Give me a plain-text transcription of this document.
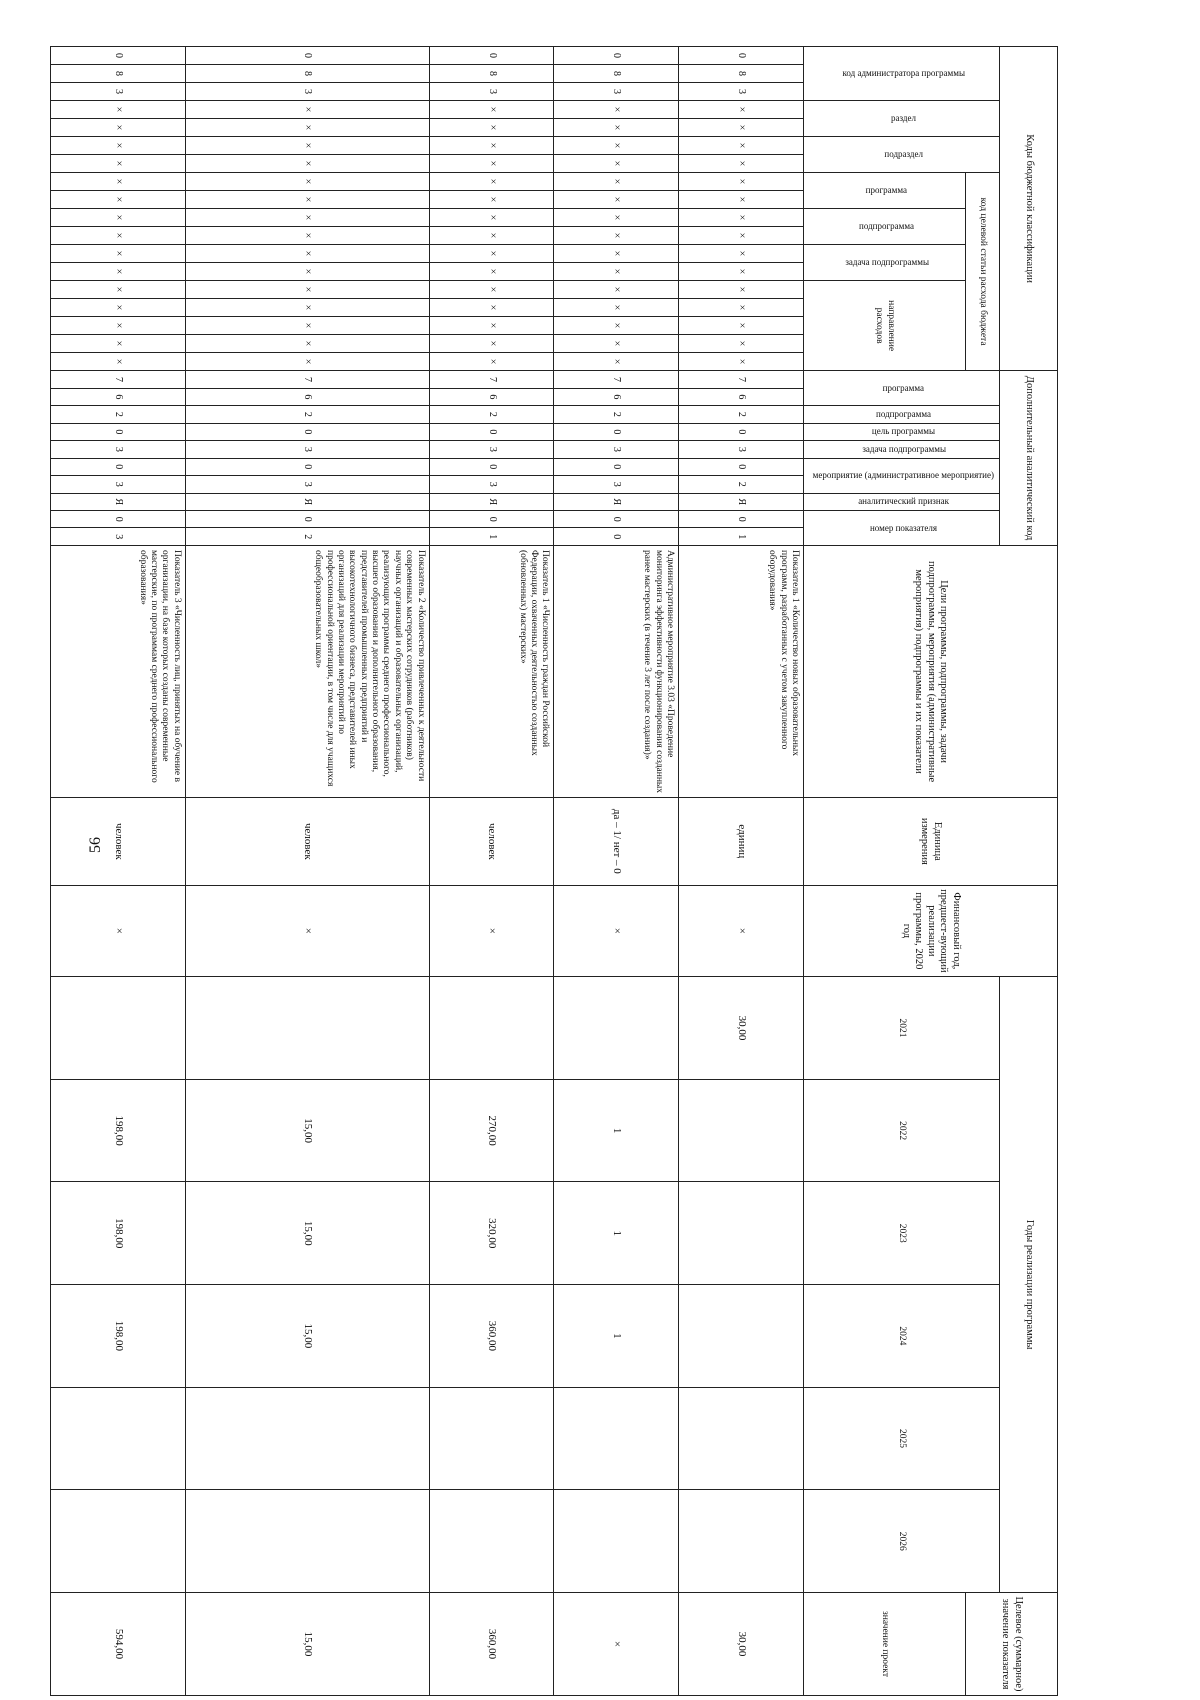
56
Коды бюджетной классификации																		Дополнительный аналитический код										Цели программы, подпрограммы, задачи подпрограммы, мероприятия (административные мероприятия) подпрограммы и их показатели	Единица измерения	Финансовый год, предшест-вующий реализации программы, 2020 год	Годы реализации программы						Целевое (суммарное) значение показателя
код администратора программы			раздел		подраздел		код целевой статьи расхода бюджета											программа		подпрограмма	цель программы	задача подпрограммы	мероприятие (административное мероприятие)		аналитический признак	номер показателя					2021	2022	2023	2024	2025	2026	
							программа		подпрограмма		задача подпрограммы		направление расходов																								значение проект
0	8	3	×	×	×	×	×	×	×	×	×	×	×	×	×	×	×	7	6	2	0	3	0	2	Я	0	1	Показатель 1 «Количество новых образовательных программ, разработанных с учетом закупленного оборудования»	единиц	×	30,00						30,00
0	8	3	×	×	×	×	×	×	×	×	×	×	×	×	×	×	×	7	6	2	0	3	0	3	Я	0	0	Административное мероприятие 3.03 «Проведение мониторинга эффективности функционирования созданных ранее мастерских (в течение 3 лет после создания)»	да – 1/ нет – 0	×		1	1	1			×
0	8	3	×	×	×	×	×	×	×	×	×	×	×	×	×	×	×	7	6	2	0	3	0	3	Я	0	1	Показатель 1 «Численность граждан Российской Федерации, охваченных деятельностью созданных (обновленных) мастерских»	человек	×		270,00	320,00	360,00			360,00
0	8	3	×	×	×	×	×	×	×	×	×	×	×	×	×	×	×	7	6	2	0	3	0	3	Я	0	2	Показатель 2 «Количество привлеченных к деятельности современных мастерских сотрудников (работников) научных организаций и образовательных организаций, реализующих программы среднего профессионального, высшего образования и дополнительного образования, представителей промышленных предприятий и высокотехнологичного бизнеса, представителей иных организаций для реализации мероприятий по профессиональной ориентации, в том числе для учащихся общеобразовательных школ»	человек	×		15,00	15,00	15,00			15,00
0	8	3	×	×	×	×	×	×	×	×	×	×	×	×	×	×	×	7	6	2	0	3	0	3	Я	0	3	Показатель 3 «Численность лиц, принятых на обучение в организации, на базе которых созданы современные мастерские, по программам среднего профессионального образования»	человек	×		198,00	198,00	198,00			594,00
